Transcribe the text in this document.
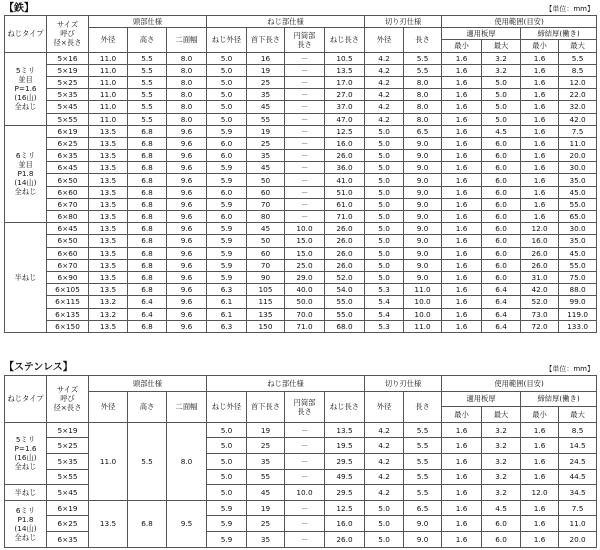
【鉄】	【単位：mm】
ねじタイプ	サイズ
呼び
径×長さ	頭部仕様			ねじ部仕様				切り刃仕様		使用範囲(目安)			
		外径	高さ	二面幅	ねじ外径	首下長さ	円筒部
長さ	ねじ長さ	外径	長さ	適用板厚		締結厚(働き)	
											最小	最大	最小	最大
5ミリ
並目
P=1.6
(16山)
全ねじ	5×16	11.0	5.5	8.0	5.0	16	－	10.5	4.2	5.5	1.6	3.2	1.6	5.5
	5×19	11.0	5.5	8.0	5.0	19	－	13.5	4.2	5.5	1.6	3.2	1.6	8.5
	5×25	11.0	5.5	8.0	5.0	25	－	17.0	4.2	8.0	1.6	5.0	1.6	12.0
	5×35	11.0	5.5	8.0	5.0	35	－	27.0	4.2	8.0	1.6	5.0	1.6	22.0
	5×45	11.0	5.5	8.0	5.0	45	－	37.0	4.2	8.0	1.6	5.0	1.6	32.0
	5×55	11.0	5.5	8.0	5.0	55	－	47.0	4.2	8.0	1.6	5.0	1.6	42.0
6ミリ
並目
P1.8
(14山)
全ねじ	6×19	13.5	6.8	9.6	5.9	19	－	12.5	5.0	6.5	1.6	4.5	1.6	7.5
	6×25	13.5	6.8	9.6	6.0	25	－	16.0	5.0	9.0	1.6	6.0	1.6	11.0
	6×35	13.5	6.8	9.6	6.0	35	－	26.0	5.0	9.0	1.6	6.0	1.6	20.0
	6×45	13.5	6.8	9.6	5.9	45	－	36.0	5.0	9.0	1.6	6.0	1.6	30.0
	6×50	13.5	6.8	9.6	5.9	50	－	41.0	5.0	9.0	1.6	6.0	1.6	35.0
	6×60	13.5	6.8	9.6	6.0	60	－	51.0	5.0	9.0	1.6	6.0	1.6	45.0
	6×70	13.5	6.8	9.6	5.9	70	－	61.0	5.0	9.0	1.6	6.0	1.6	55.0
	6×80	13.5	6.8	9.6	6.0	80	－	71.0	5.0	9.0	1.6	6.0	1.6	65.0
半ねじ	6×45	13.5	6.8	9.6	5.9	45	10.0	26.0	5.0	9.0	1.6	6.0	12.0	30.0
	6×50	13.5	6.8	9.6	5.9	50	15.0	26.0	5.0	9.0	1.6	6.0	16.0	35.0
	6×60	13.5	6.8	9.6	5.9	60	15.0	26.0	5.0	9.0	1.6	6.0	26.0	45.0
	6×70	13.5	6.8	9.6	5.9	70	25.0	26.0	5.0	9.0	1.6	6.0	26.0	55.0
	6×90	13.5	6.8	9.6	5.9	90	29.0	52.0	5.0	9.0	1.6	6.0	31.0	75.0
	6×105	13.5	6.8	9.6	6.3	105	40.0	54.0	5.3	11.0	1.6	6.4	42.0	88.0
	6×115	13.2	6.4	9.6	6.1	115	50.0	55.0	5.4	10.0	1.6	6.4	52.0	99.0
	6×135	13.2	6.4	9.6	6.1	135	70.0	55.0	5.4	10.0	1.6	6.4	73.0	119.0
	6×150	13.5	6.8	9.6	6.3	150	71.0	68.0	5.3	11.0	1.6	6.4	72.0	133.0
【ステンレス】	【単位：mm】
ねじタイプ	サイズ
呼び
径×長さ	頭部仕様			ねじ部仕様				切り刃仕様		使用範囲(目安)			
		外径	高さ	二面幅	ねじ外径	首下長さ	円筒部
長さ	ねじ長さ	外径	長さ	適用板厚		締結厚(働き)	
											最小	最大	最小	最大
5ミリ
P=1.6
(16山)
全ねじ	5×19	11.0	5.5	8.0	5.0	19	－	13.5	4.2	5.5	1.6	3.2	1.6	8.5
	5×25				5.0	25	－	19.5	4.2	5.5	1.6	3.2	1.6	14.5
	5×35				5.0	35	－	29.5	4.2	5.5	1.6	3.2	1.6	24.5
	5×55				5.0	55	－	49.5	4.2	5.5	1.6	3.2	1.6	44.5
半ねじ	5×45				5.0	45	10.0	29.5	4.2	5.5	1.6	3.2	12.0	34.5
6ミリ
P1.8
(14山)
全ねじ	6×19	13.5	6.8	9.5	5.9	19	－	12.5	5.0	6.5	1.6	4.5	1.6	7.5
	6×25				5.9	25	－	16.0	5.0	9.0	1.6	6.0	1.6	11.0
	6×35				5.9	35	－	26.0	5.0	9.0	1.6	6.0	1.6	20.0
